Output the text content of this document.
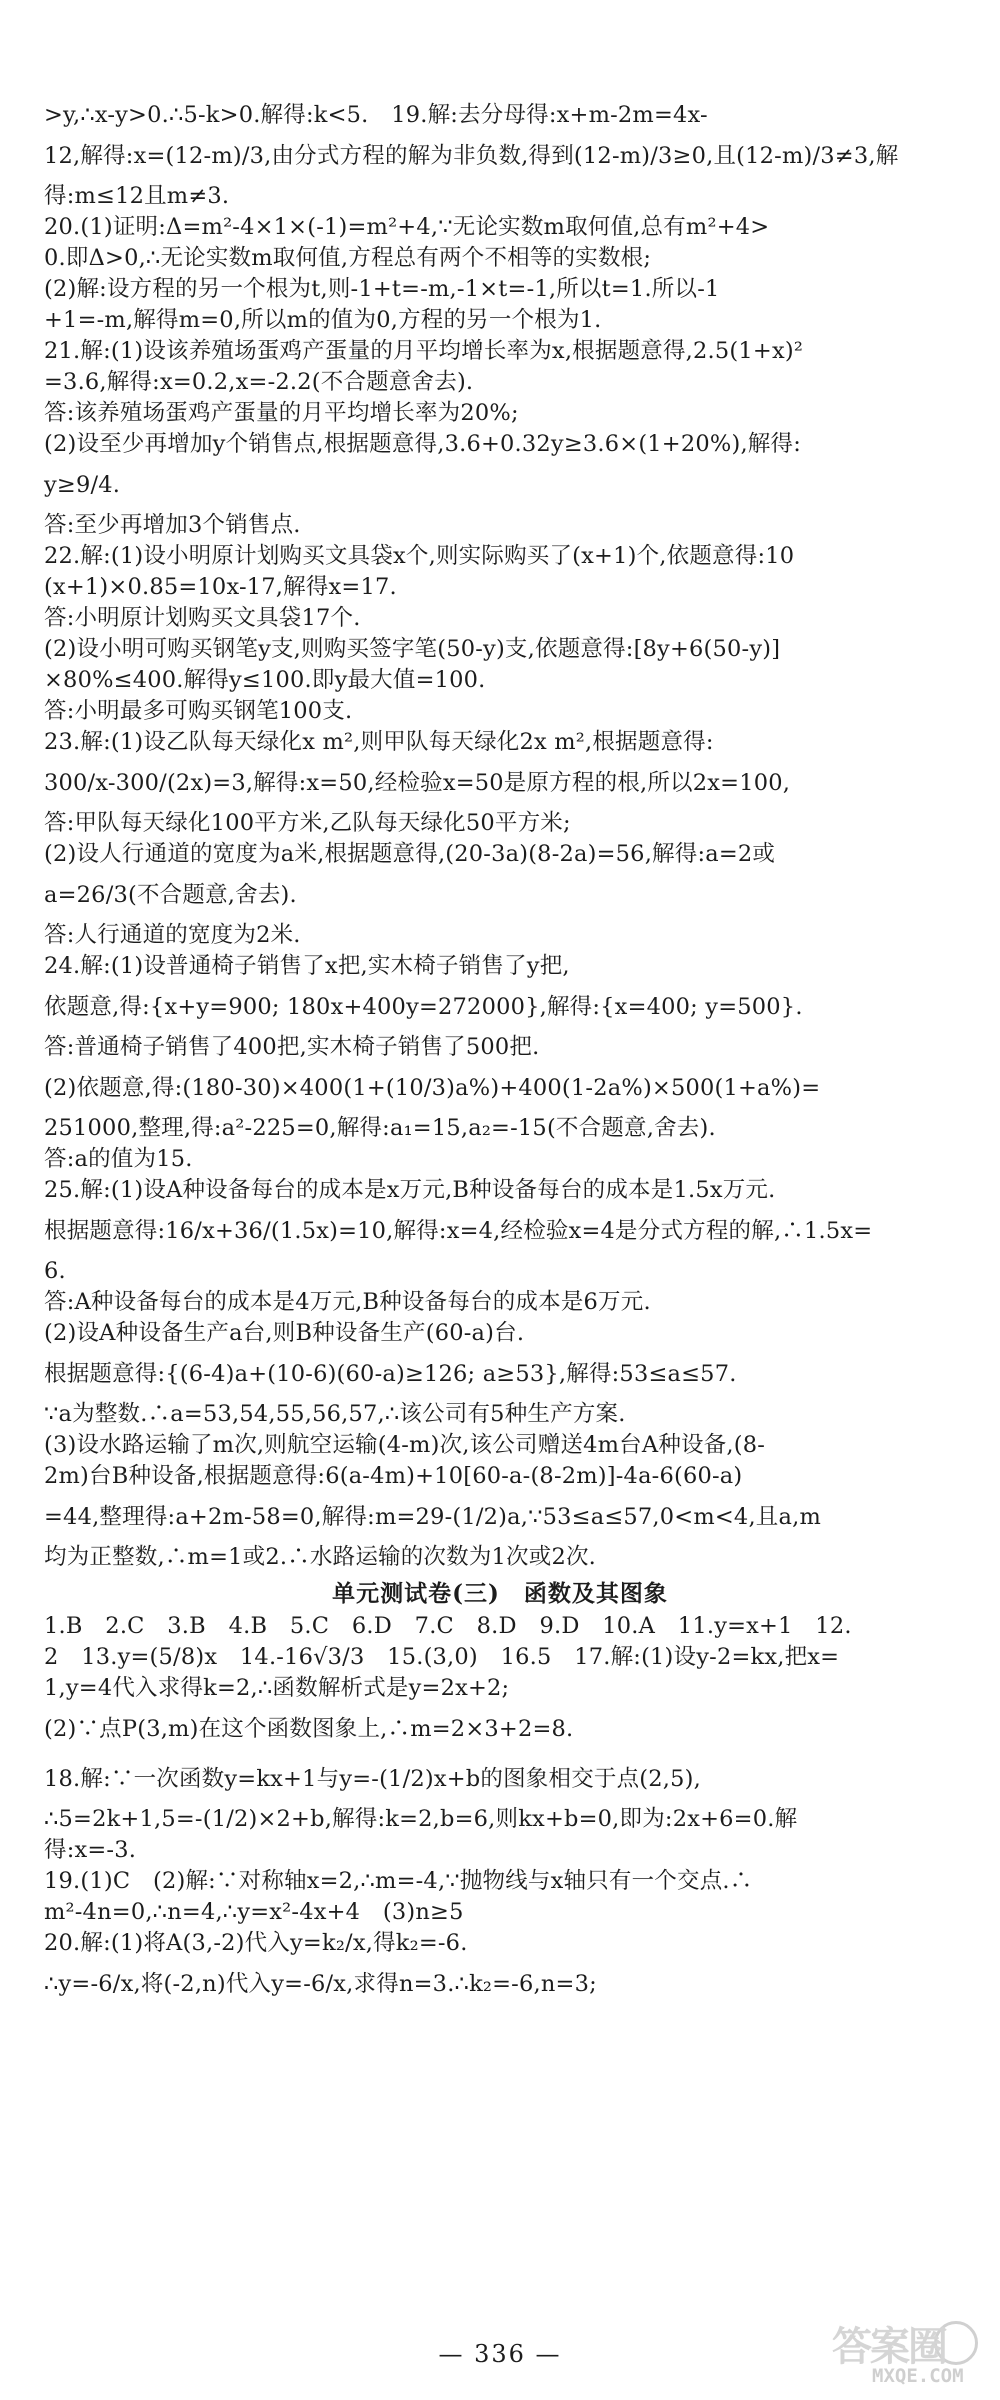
>y,∴x-y>0.∴5-k>0.解得:k<5.　19.解:去分母得:x+m-2m=4x-

12,解得:x=(12-m)/3,由分式方程的解为非负数,得到(12-m)/3≥0,且(12-m)/3≠3,解

得:m≤12且m≠3.

20.(1)证明:Δ=m²-4×1×(-1)=m²+4,∵无论实数m取何值,总有m²+4>

0.即Δ>0,∴无论实数m取何值,方程总有两个不相等的实数根;

(2)解:设方程的另一个根为t,则-1+t=-m,-1×t=-1,所以t=1.所以-1

+1=-m,解得m=0,所以m的值为0,方程的另一个根为1.

21.解:(1)设该养殖场蛋鸡产蛋量的月平均增长率为x,根据题意得,2.5(1+x)²

=3.6,解得:x=0.2,x=-2.2(不合题意舍去).

答:该养殖场蛋鸡产蛋量的月平均增长率为20%;

(2)设至少再增加y个销售点,根据题意得,3.6+0.32y≥3.6×(1+20%),解得:

y≥9/4.

答:至少再增加3个销售点.

22.解:(1)设小明原计划购买文具袋x个,则实际购买了(x+1)个,依题意得:10

(x+1)×0.85=10x-17,解得x=17.

答:小明原计划购买文具袋17个.

(2)设小明可购买钢笔y支,则购买签字笔(50-y)支,依题意得:[8y+6(50-y)]

×80%≤400.解得y≤100.即y最大值=100.

答:小明最多可购买钢笔100支.

23.解:(1)设乙队每天绿化x m²,则甲队每天绿化2x m²,根据题意得:

300/x-300/(2x)=3,解得:x=50,经检验x=50是原方程的根,所以2x=100,

答:甲队每天绿化100平方米,乙队每天绿化50平方米;

(2)设人行通道的宽度为a米,根据题意得,(20-3a)(8-2a)=56,解得:a=2或

a=26/3(不合题意,舍去).

答:人行通道的宽度为2米.

24.解:(1)设普通椅子销售了x把,实木椅子销售了y把,

依题意,得:{x+y=900; 180x+400y=272000},解得:{x=400; y=500}.

答:普通椅子销售了400把,实木椅子销售了500把.

(2)依题意,得:(180-30)×400(1+(10/3)a%)+400(1-2a%)×500(1+a%)=

251000,整理,得:a²-225=0,解得:a₁=15,a₂=-15(不合题意,舍去).

答:a的值为15.

25.解:(1)设A种设备每台的成本是x万元,B种设备每台的成本是1.5x万元.

根据题意得:16/x+36/(1.5x)=10,解得:x=4,经检验x=4是分式方程的解,∴1.5x=

6.

答:A种设备每台的成本是4万元,B种设备每台的成本是6万元.

(2)设A种设备生产a台,则B种设备生产(60-a)台.

根据题意得:{(6-4)a+(10-6)(60-a)≥126; a≥53},解得:53≤a≤57.

∵a为整数.∴a=53,54,55,56,57,∴该公司有5种生产方案.

(3)设水路运输了m次,则航空运输(4-m)次,该公司赠送4m台A种设备,(8-

2m)台B种设备,根据题意得:6(a-4m)+10[60-a-(8-2m)]-4a-6(60-a)

=44,整理得:a+2m-58=0,解得:m=29-(1/2)a,∵53≤a≤57,0<m<4,且a,m

均为正整数,∴m=1或2.∴水路运输的次数为1次或2次.

单元测试卷(三)　函数及其图象

1.B　2.C　3.B　4.B　5.C　6.D　7.C　8.D　9.D　10.A　11.y=x+1　12.

2　13.y=(5/8)x　14.-16√3/3　15.(3,0)　16.5　17.解:(1)设y-2=kx,把x=

1,y=4代入求得k=2,∴函数解析式是y=2x+2;

(2)∵点P(3,m)在这个函数图象上,∴m=2×3+2=8.

18.解:∵一次函数y=kx+1与y=-(1/2)x+b的图象相交于点(2,5),

∴5=2k+1,5=-(1/2)×2+b,解得:k=2,b=6,则kx+b=0,即为:2x+6=0.解

得:x=-3.

19.(1)C　(2)解:∵对称轴x=2,∴m=-4,∵抛物线与x轴只有一个交点.∴

m²-4n=0,∴n=4,∴y=x²-4x+4　(3)n≥5

20.解:(1)将A(3,-2)代入y=k₂/x,得k₂=-6.

∴y=-6/x,将(-2,n)代入y=-6/x,求得n=3.∴k₂=-6,n=3;

— 336 —	答案圈
MXQE.COM
